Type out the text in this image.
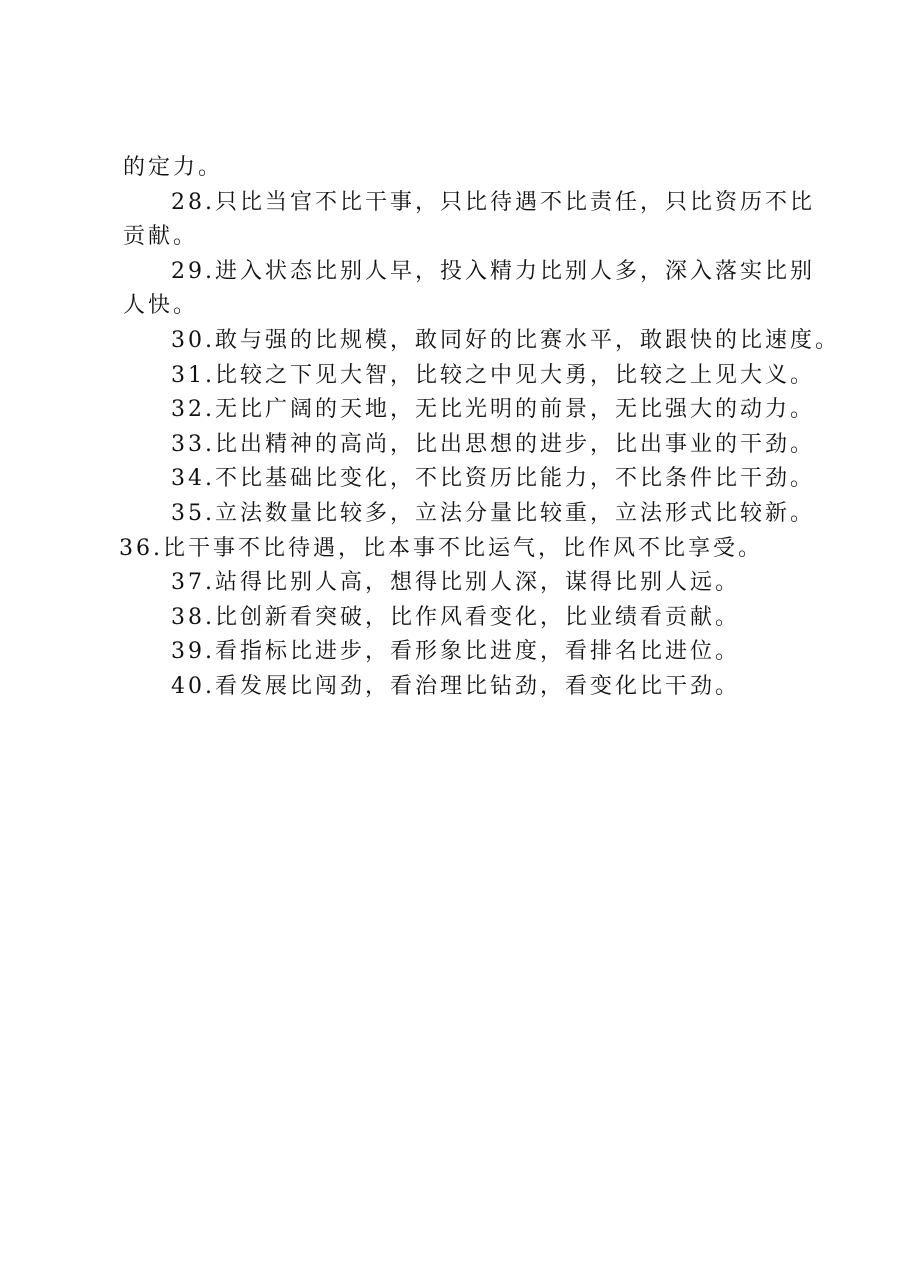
的定力。
28.只比当官不比干事，只比待遇不比责任，只比资历不比
贡献。
29.进入状态比别人早，投入精力比别人多，深入落实比别
人快。
30.敢与强的比规模，敢同好的比赛水平，敢跟快的比速度。
31.比较之下见大智，比较之中见大勇，比较之上见大义。
32.无比广阔的天地，无比光明的前景，无比强大的动力。
33.比出精神的高尚，比出思想的进步，比出事业的干劲。
34.不比基础比变化，不比资历比能力，不比条件比干劲。
35.立法数量比较多，立法分量比较重，立法形式比较新。
36.比干事不比待遇，比本事不比运气，比作风不比享受。
37.站得比别人高，想得比别人深，谋得比别人远。
38.比创新看突破，比作风看变化，比业绩看贡献。
39.看指标比进步，看形象比进度，看排名比进位。
40.看发展比闯劲，看治理比钻劲，看变化比干劲。
